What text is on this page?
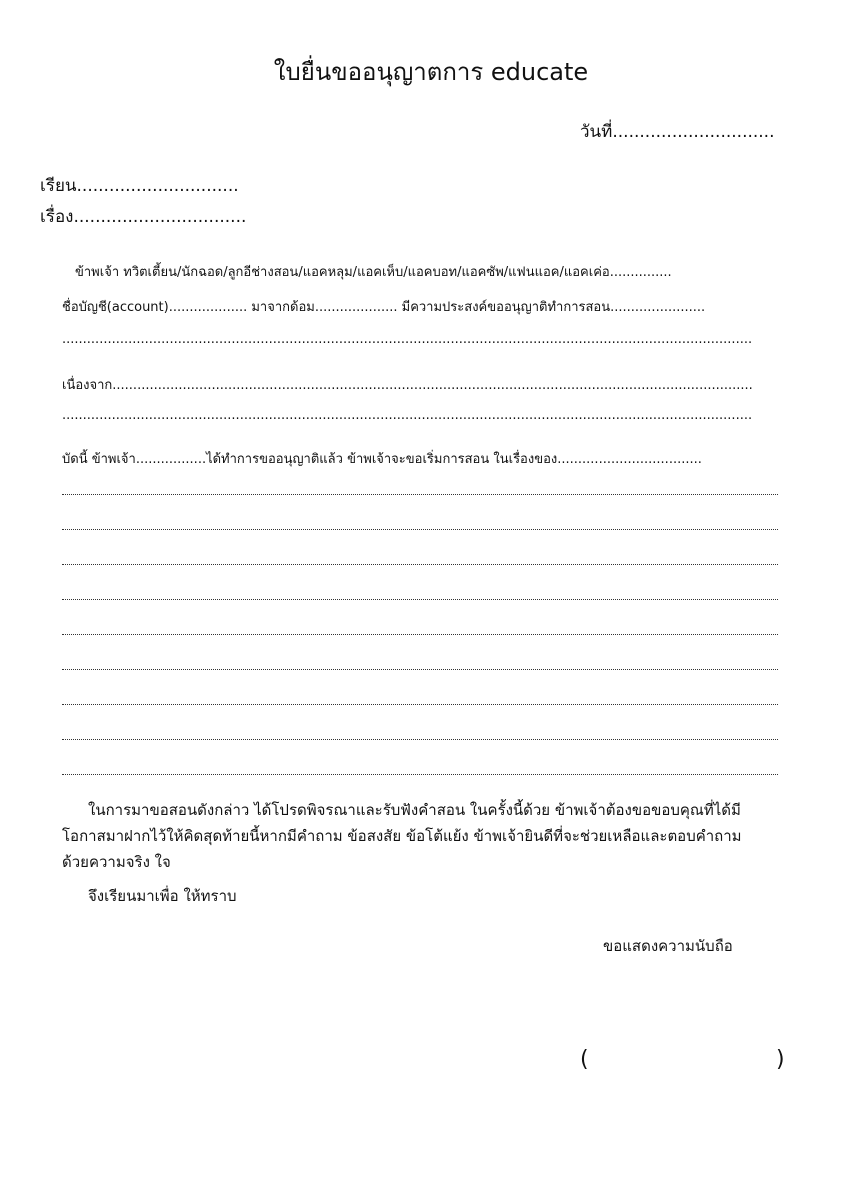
ใบยื่นขออนุญาตการ educate
วันที่..............................
เรียน..............................
เรื่อง................................
ข้าพเจ้า ทวิตเตี้ยน/นักฉอด/ลูกอีช่างสอน/แอคหลุม/แอคเห็บ/แอคบอท/แอคซัพ/แฟนแอค/แอคเค่อ...............
ชื่อบัญชี(account)................... มาจากด้อม.................... มีความประสงค์ขออนุญาติทำการสอน.......................
.......................................................................................................................................................................
เนื่องจาก...........................................................................................................................................................
.......................................................................................................................................................................
บัดนี้ ข้าพเจ้า.................ได้ทำการขออนุญาติแล้ว ข้าพเจ้าจะขอเริ่มการสอน ในเรื่องของ...................................
ในการมาขอสอนดังกล่าว ได้โปรดพิจรณาและรับฟังคำสอน ในครั้งนี้ด้วย ข้าพเจ้าต้องขอขอบคุณที่ได้มี
โอกาสมาฝากไว้ให้คิดสุดท้ายนี้หากมีคำถาม ข้อสงสัย ข้อโต้แย้ง ข้าพเจ้ายินดีที่จะช่วยเหลือและตอบคำถาม
ด้วยความจริง ใจ
จึงเรียนมาเพื่อ ให้ทราบ
ขอแสดงความนับถือ
(	)
